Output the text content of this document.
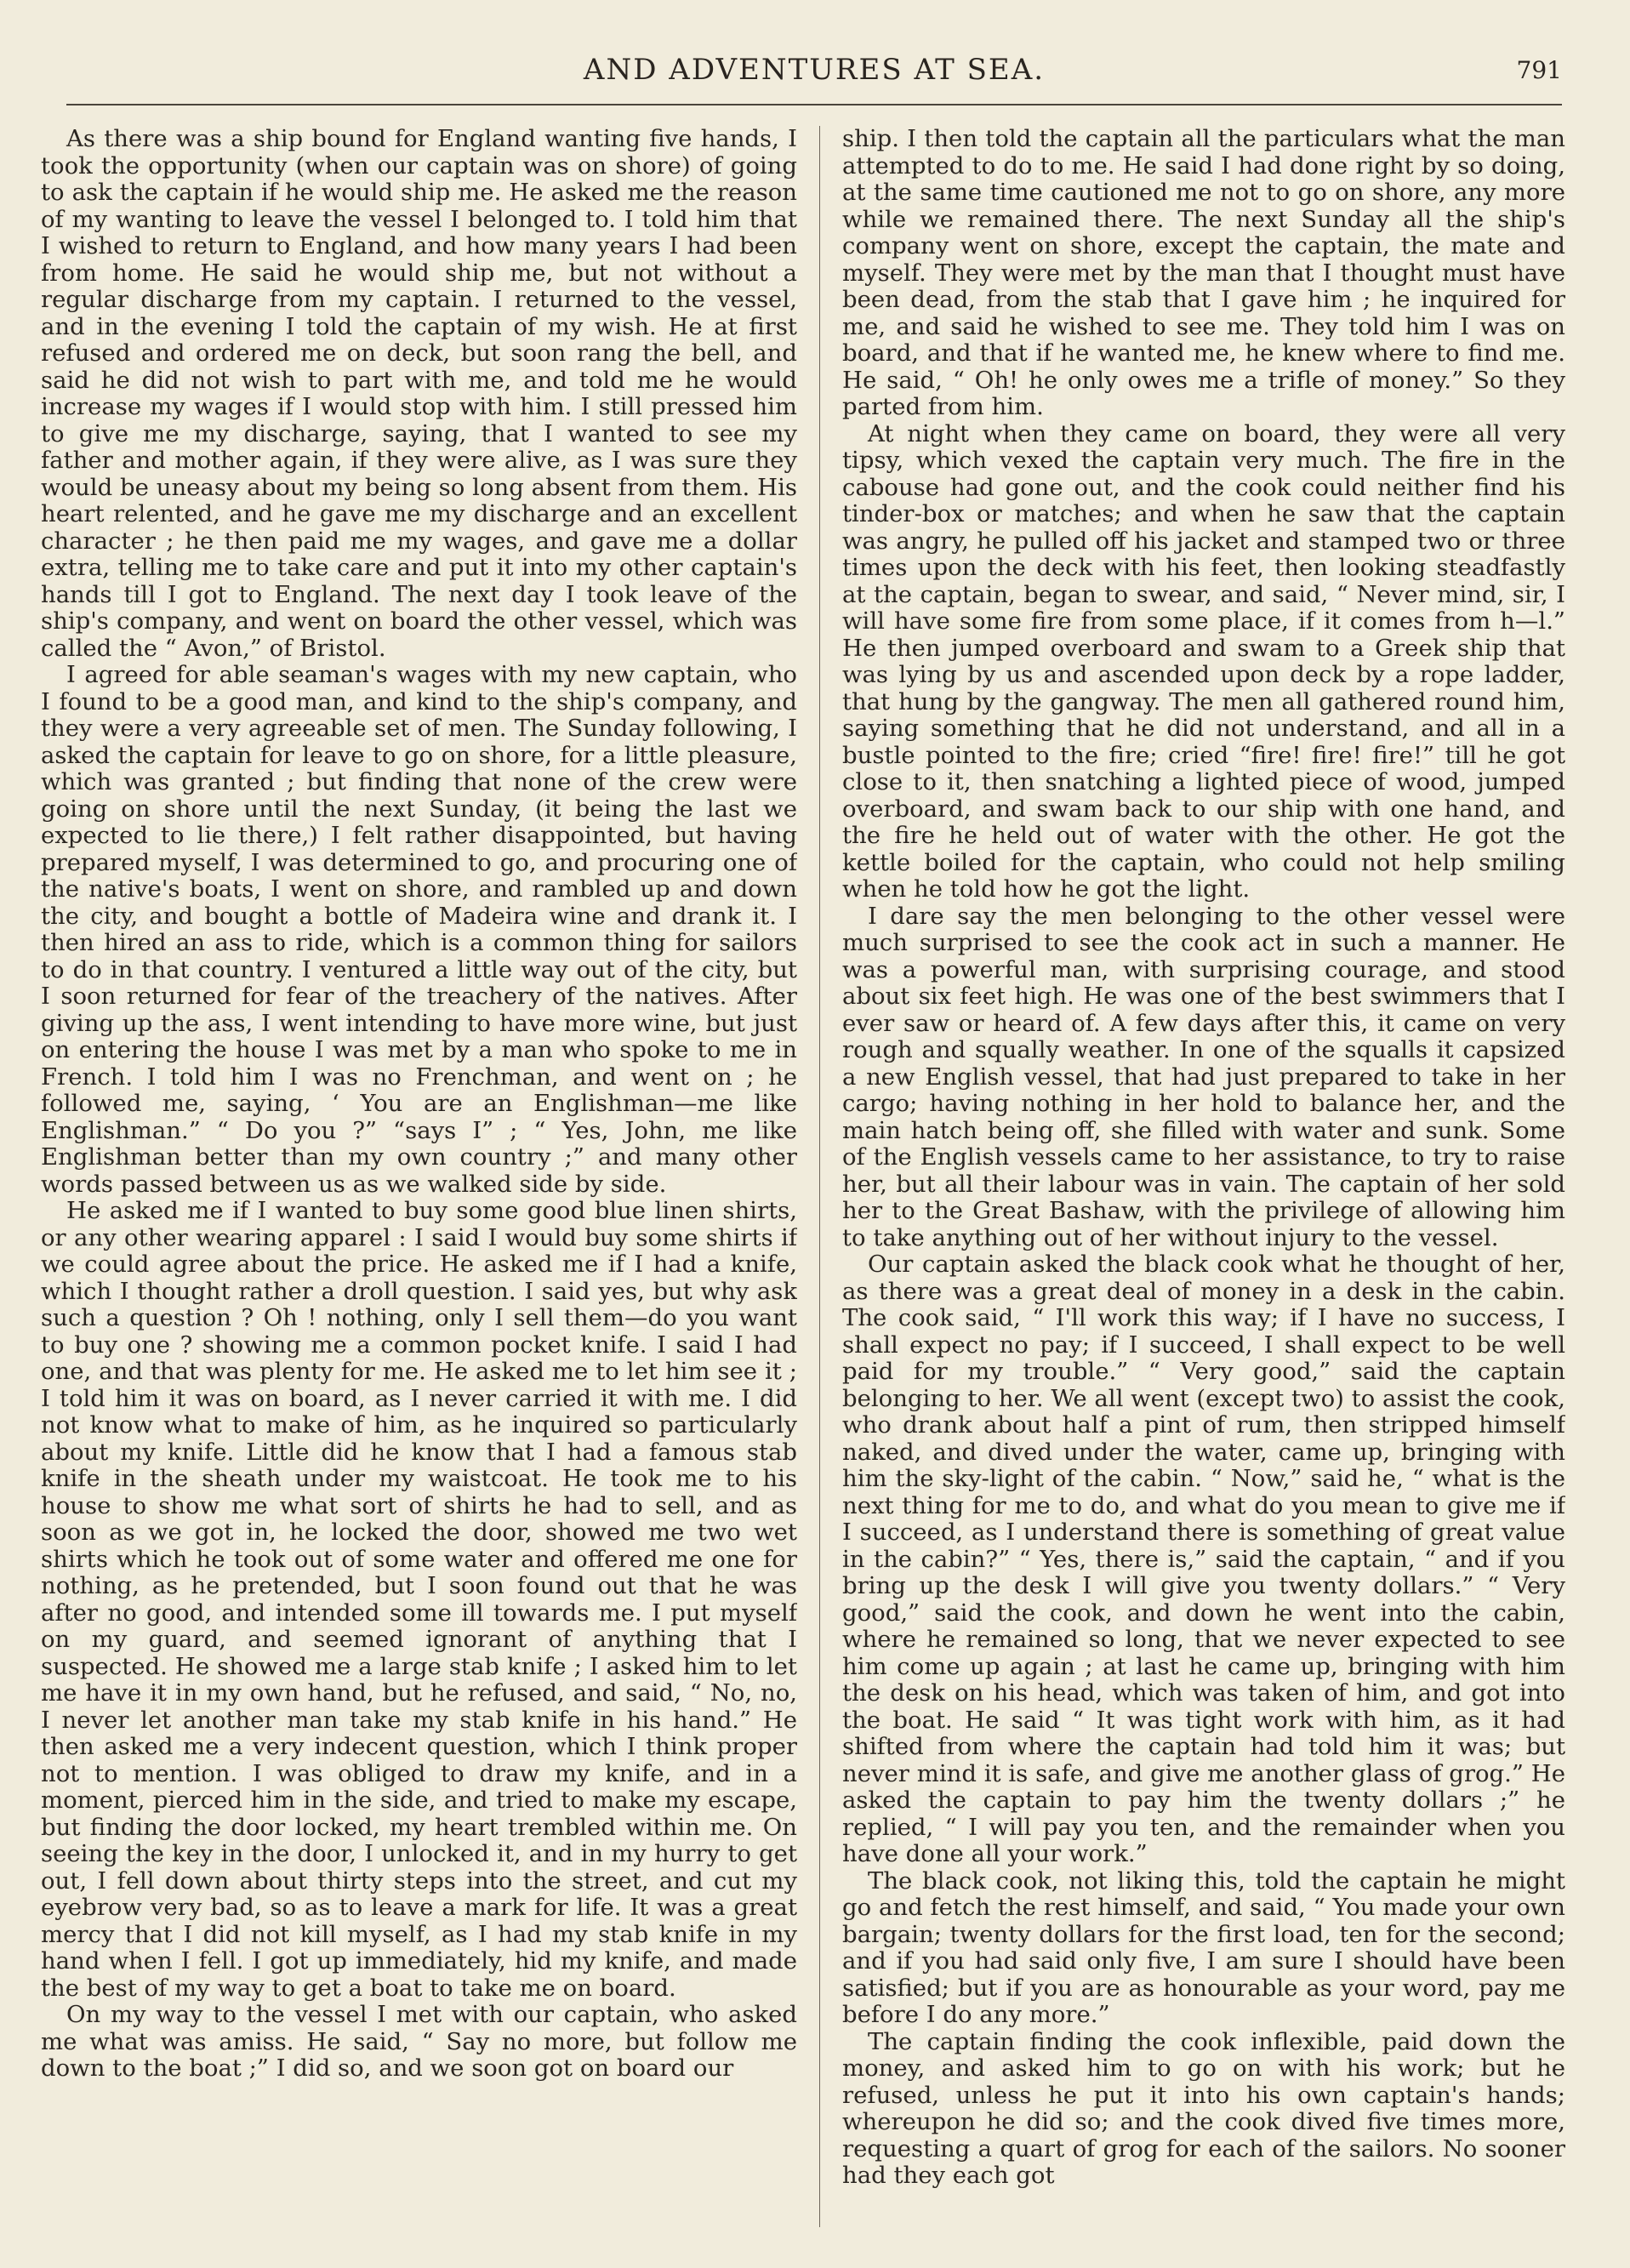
AND ADVENTURES AT SEA.	791

As there was a ship bound for England wanting five hands, I took the opportunity (when our captain was on shore) of going to ask the captain if he would ship me. He asked me the reason of my wanting to leave the vessel I belonged to. I told him that I wished to return to England, and how many years I had been from home. He said he would ship me, but not without a regular discharge from my captain. I returned to the vessel, and in the evening I told the captain of my wish. He at first refused and ordered me on deck, but soon rang the bell, and said he did not wish to part with me, and told me he would increase my wages if I would stop with him. I still pressed him to give me my discharge, saying, that I wanted to see my father and mother again, if they were alive, as I was sure they would be uneasy about my being so long absent from them. His heart relented, and he gave me my discharge and an excellent character ; he then paid me my wages, and gave me a dollar extra, telling me to take care and put it into my other captain's hands till I got to England. The next day I took leave of the ship's company, and went on board the other vessel, which was called the “ Avon,” of Bristol.

I agreed for able seaman's wages with my new captain, who I found to be a good man, and kind to the ship's company, and they were a very agreeable set of men. The Sunday following, I asked the captain for leave to go on shore, for a little pleasure, which was granted ; but finding that none of the crew were going on shore until the next Sunday, (it being the last we expected to lie there,) I felt rather disappointed, but having prepared myself, I was determined to go, and procuring one of the native's boats, I went on shore, and rambled up and down the city, and bought a bottle of Madeira wine and drank it. I then hired an ass to ride, which is a common thing for sailors to do in that country. I ventured a little way out of the city, but I soon returned for fear of the treachery of the natives. After giving up the ass, I went intending to have more wine, but just on entering the house I was met by a man who spoke to me in French. I told him I was no Frenchman, and went on ; he followed me, saying, ‘ You are an Englishman—me like Englishman.” “ Do you ?” “says I” ; “ Yes, John, me like Englishman better than my own country ;” and many other words passed between us as we walked side by side.

He asked me if I wanted to buy some good blue linen shirts, or any other wearing apparel : I said I would buy some shirts if we could agree about the price. He asked me if I had a knife, which I thought rather a droll question. I said yes, but why ask such a question ? Oh ! nothing, only I sell them—do you want to buy one ? showing me a common pocket knife. I said I had one, and that was plenty for me. He asked me to let him see it ; I told him it was on board, as I never carried it with me. I did not know what to make of him, as he inquired so particularly about my knife. Little did he know that I had a famous stab knife in the sheath under my waistcoat. He took me to his house to show me what sort of shirts he had to sell, and as soon as we got in, he locked the door, showed me two wet shirts which he took out of some water and offered me one for nothing, as he pretended, but I soon found out that he was after no good, and intended some ill towards me. I put myself on my guard, and seemed ignorant of anything that I suspected. He showed me a large stab knife ; I asked him to let me have it in my own hand, but he refused, and said, “ No, no, I never let another man take my stab knife in his hand.” He then asked me a very indecent question, which I think proper not to mention. I was obliged to draw my knife, and in a moment, pierced him in the side, and tried to make my escape, but finding the door locked, my heart trembled within me. On seeing the key in the door, I unlocked it, and in my hurry to get out, I fell down about thirty steps into the street, and cut my eyebrow very bad, so as to leave a mark for life. It was a great mercy that I did not kill myself, as I had my stab knife in my hand when I fell. I got up immediately, hid my knife, and made the best of my way to get a boat to take me on board.

On my way to the vessel I met with our captain, who asked me what was amiss. He said, “ Say no more, but follow me down to the boat ;” I did so, and we soon got on board our

ship. I then told the captain all the particulars what the man attempted to do to me. He said I had done right by so doing, at the same time cautioned me not to go on shore, any more while we remained there. The next Sunday all the ship's company went on shore, except the captain, the mate and myself. They were met by the man that I thought must have been dead, from the stab that I gave him ; he inquired for me, and said he wished to see me. They told him I was on board, and that if he wanted me, he knew where to find me. He said, “ Oh! he only owes me a trifle of money.” So they parted from him.

At night when they came on board, they were all very tipsy, which vexed the captain very much. The fire in the cabouse had gone out, and the cook could neither find his tinder-box or matches; and when he saw that the captain was angry, he pulled off his jacket and stamped two or three times upon the deck with his feet, then looking steadfastly at the captain, began to swear, and said, “ Never mind, sir, I will have some fire from some place, if it comes from h—l.” He then jumped overboard and swam to a Greek ship that was lying by us and ascended upon deck by a rope ladder, that hung by the gangway. The men all gathered round him, saying something that he did not understand, and all in a bustle pointed to the fire; cried “fire! fire! fire!” till he got close to it, then snatching a lighted piece of wood, jumped overboard, and swam back to our ship with one hand, and the fire he held out of water with the other. He got the kettle boiled for the captain, who could not help smiling when he told how he got the light.

I dare say the men belonging to the other vessel were much surprised to see the cook act in such a manner. He was a powerful man, with surprising courage, and stood about six feet high. He was one of the best swimmers that I ever saw or heard of. A few days after this, it came on very rough and squally weather. In one of the squalls it capsized a new English vessel, that had just prepared to take in her cargo; having nothing in her hold to balance her, and the main hatch being off, she filled with water and sunk. Some of the English vessels came to her assistance, to try to raise her, but all their labour was in vain. The captain of her sold her to the Great Bashaw, with the privilege of allowing him to take anything out of her without injury to the vessel.

Our captain asked the black cook what he thought of her, as there was a great deal of money in a desk in the cabin. The cook said, “ I'll work this way; if I have no success, I shall expect no pay; if I succeed, I shall expect to be well paid for my trouble.” “ Very good,” said the captain belonging to her. We all went (except two) to assist the cook, who drank about half a pint of rum, then stripped himself naked, and dived under the water, came up, bringing with him the sky-light of the cabin. “ Now,” said he, “ what is the next thing for me to do, and what do you mean to give me if I succeed, as I understand there is something of great value in the cabin?” “ Yes, there is,” said the captain, “ and if you bring up the desk I will give you twenty dollars.” “ Very good,” said the cook, and down he went into the cabin, where he remained so long, that we never expected to see him come up again ; at last he came up, bringing with him the desk on his head, which was taken of him, and got into the boat. He said “ It was tight work with him, as it had shifted from where the captain had told him it was; but never mind it is safe, and give me another glass of grog.” He asked the captain to pay him the twenty dollars ;” he replied, “ I will pay you ten, and the remainder when you have done all your work.”

The black cook, not liking this, told the captain he might go and fetch the rest himself, and said, “ You made your own bargain; twenty dollars for the first load, ten for the second; and if you had said only five, I am sure I should have been satisfied; but if you are as honourable as your word, pay me before I do any more.”

The captain finding the cook inflexible, paid down the money, and asked him to go on with his work; but he refused, unless he put it into his own captain's hands; whereupon he did so; and the cook dived five times more, requesting a quart of grog for each of the sailors. No sooner had they each got
